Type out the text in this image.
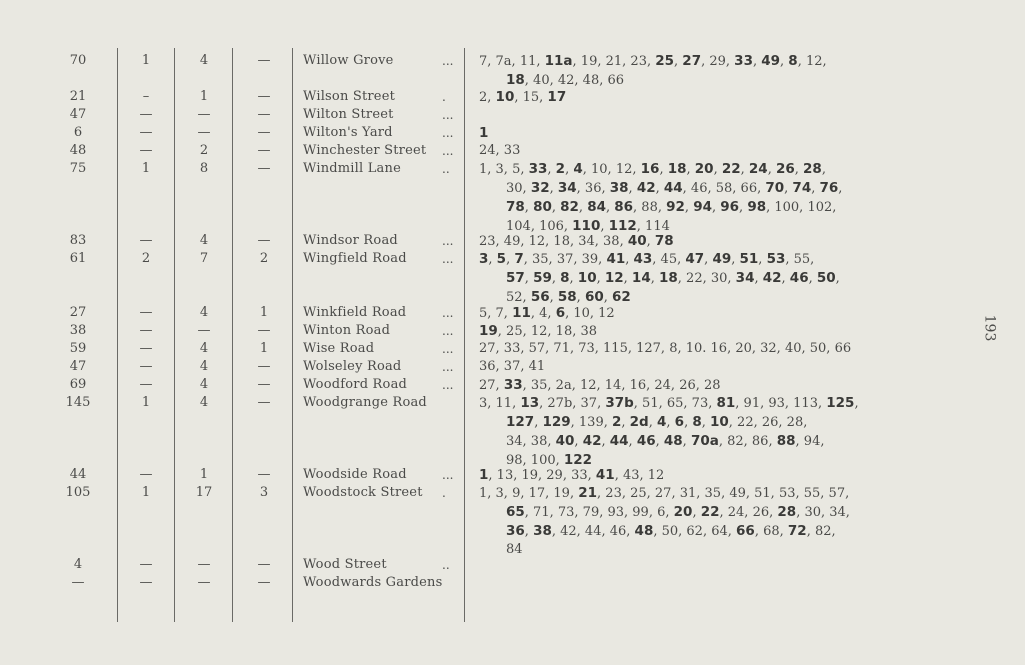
70	1	4	—	Willow Grove	... 7, 7a, 11, 11a, 19, 21, 23, 25, 27, 29, 33, 49, 8, 12,
18, 40, 42, 48, 66
21	–	1	—	Wilson Street	.	2, 10, 15, 17
47	—	—	—	Wilton Street	...
6	—	—	—	Wilton's Yard	... 1
48	—	2	—	Winchester Street	... 24, 33
75	1	8	—	Windmill Lane	.. 1, 3, 5, 33, 2, 4, 10, 12, 16, 18, 20, 22, 24, 26, 28,
30, 32, 34, 36, 38, 42, 44, 46, 58, 66, 70, 74, 76,
78, 80, 82, 84, 86, 88, 92, 94, 96, 98, 100, 102,
104, 106, 110, 112, 114
83	—	4	—	Windsor Road	... 23, 49, 12, 18, 34, 38, 40, 78
61	2	7	2	Wingfield Road	... 3, 5, 7, 35, 37, 39, 41, 43, 45, 47, 49, 51, 53, 55,
57, 59, 8, 10, 12, 14, 18, 22, 30, 34, 42, 46, 50,
52, 56, 58, 60, 62
27	—	4	1	Winkfield Road	... 5, 7, 11, 4, 6, 10, 12
38	—	—	—	Winton Road	... 19, 25, 12, 18, 38
59	—	4	1	Wise Road	... 27, 33, 57, 71, 73, 115, 127, 8, 10. 16, 20, 32, 40, 50, 66
47	—	4	—	Wolseley Road	... 36, 37, 41
69	—	4	—	Woodford Road	... 27, 33, 35, 2a, 12, 14, 16, 24, 26, 28
145	1	4	—	Woodgrange Road	3, 11, 13, 27b, 37, 37b, 51, 65, 73, 81, 91, 93, 113, 125,
127, 129, 139, 2, 2d, 4, 6, 8, 10, 22, 26, 28,
34, 38, 40, 42, 44, 46, 48, 70a, 82, 86, 88, 94,
98, 100, 122
44	—	1	—	Woodside Road	... 1, 13, 19, 29, 33, 41, 43, 12
105	1	17	3	Woodstock Street	.	1, 3, 9, 17, 19, 21, 23, 25, 27, 31, 35, 49, 51, 53, 55, 57,
65, 71, 73, 79, 93, 99, 6, 20, 22, 24, 26, 28, 30, 34,
36, 38, 42, 44, 46, 48, 50, 62, 64, 66, 68, 72, 82,
84
4	—	—	—	Wood Street	..
—	—	—	—	Woodwards Gardens
193
